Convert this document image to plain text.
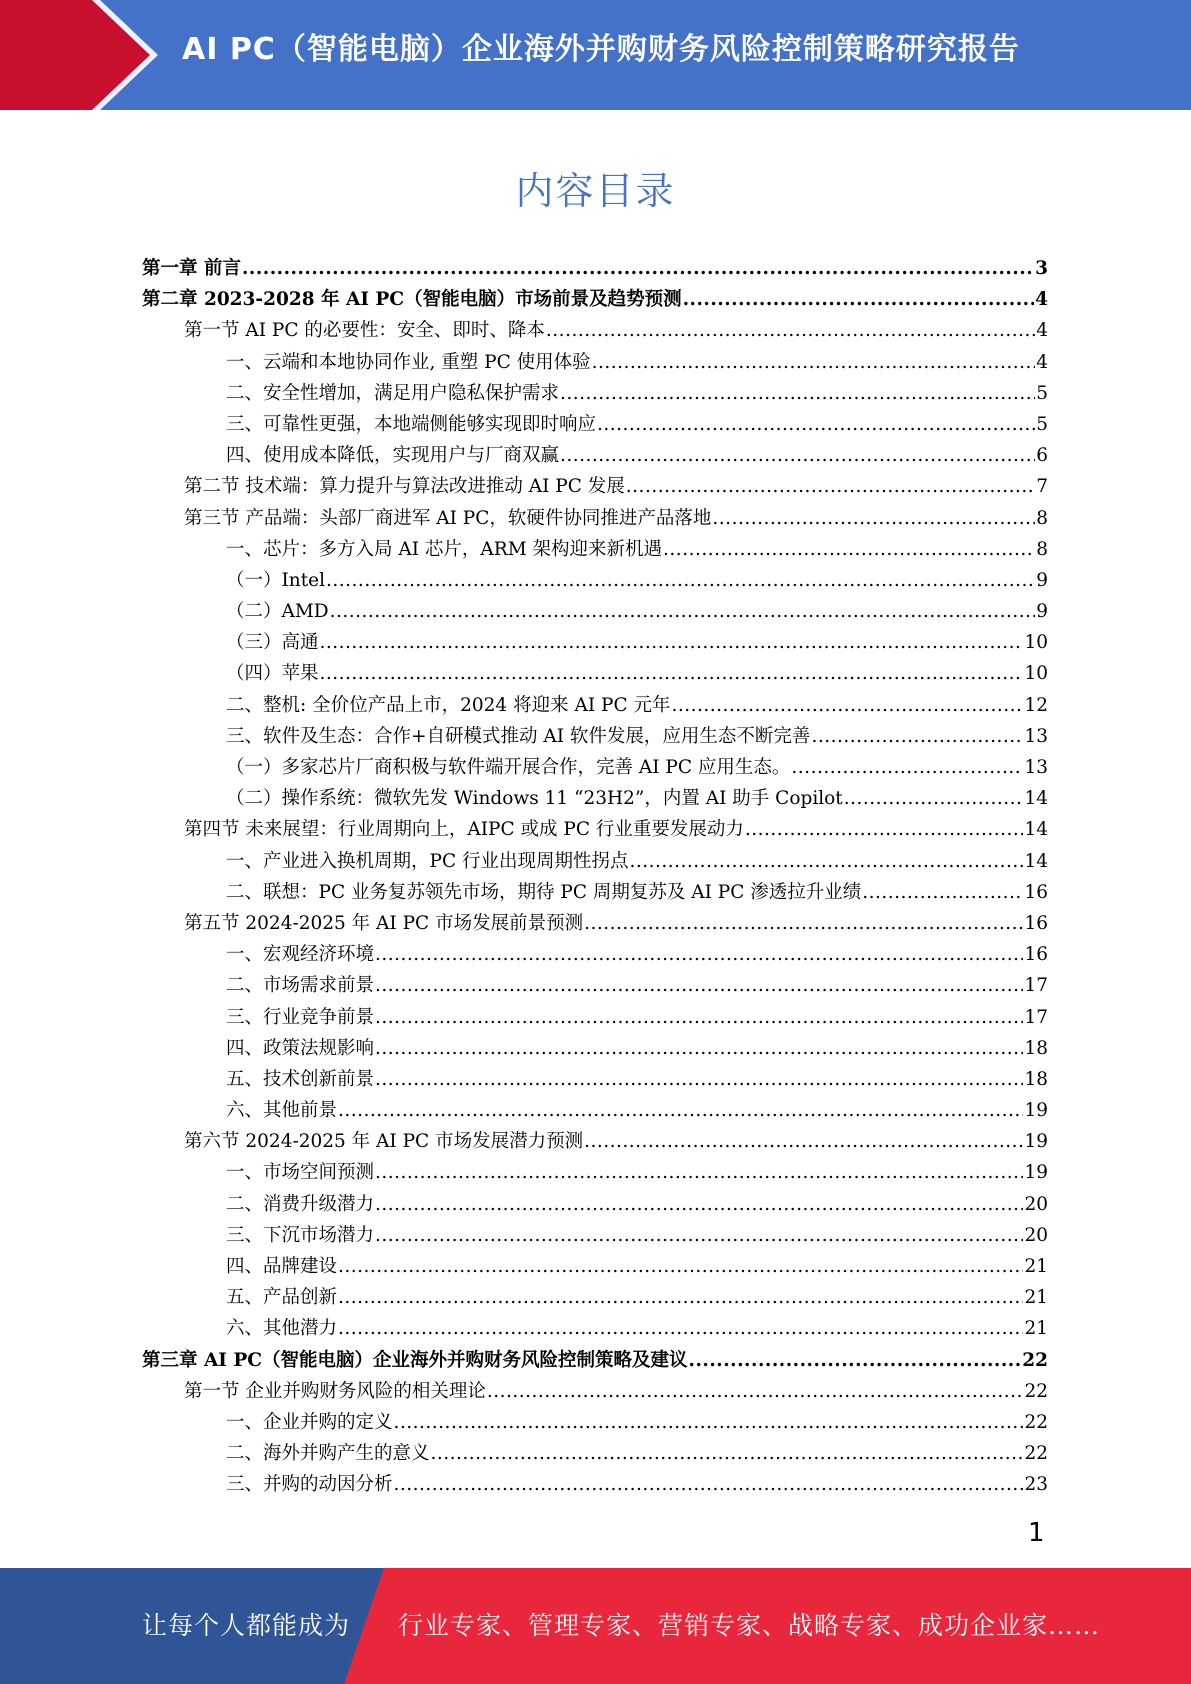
AI PC（智能电脑）企业海外并购财务风险控制策略研究报告
内容目录
第一章 前言 .....	3
第二章 2023-2028 年 AI PC（智能电脑）市场前景及趋势预测 .....	4
第一节 AI PC 的必要性：安全、即时、降本 .....	4
一、云端和本地协同作业, 重塑 PC 使用体验 .....	4
二、安全性增加，满足用户隐私保护需求 .....	5
三、可靠性更强，本地端侧能够实现即时响应 .....	5
四、使用成本降低，实现用户与厂商双赢 .....	6
第二节 技术端：算力提升与算法改进推动 AI PC 发展 .....	7
第三节 产品端：头部厂商进军 AI PC，软硬件协同推进产品落地 .....	8
一、芯片：多方入局 AI 芯片，ARM 架构迎来新机遇 .....	8
（一）Intel .....	9
（二）AMD .....	9
（三）高通 .....	10
（四）苹果 .....	10
二、整机: 全价位产品上市，2024 将迎来 AI PC 元年 .....	12
三、软件及生态：合作+自研模式推动 AI 软件发展，应用生态不断完善 .....	13
（一）多家芯片厂商积极与软件端开展合作，完善 AI PC 应用生态。 .....	13
（二）操作系统：微软先发 Windows 11 “23H2”，内置 AI 助手 Copilot .....	14
第四节 未来展望：行业周期向上，AIPC 或成 PC 行业重要发展动力 .....	14
一、产业进入换机周期，PC 行业出现周期性拐点 .....	14
二、联想：PC 业务复苏领先市场，期待 PC 周期复苏及 AI PC 渗透拉升业绩 .....	16
第五节 2024-2025 年 AI PC 市场发展前景预测 .....	16
一、宏观经济环境 .....	16
二、市场需求前景 .....	17
三、行业竞争前景 .....	17
四、政策法规影响 .....	18
五、技术创新前景 .....	18
六、其他前景 .....	19
第六节 2024-2025 年 AI PC 市场发展潜力预测 .....	19
一、市场空间预测 .....	19
二、消费升级潜力 .....	20
三、下沉市场潜力 .....	20
四、品牌建设 .....	21
五、产品创新 .....	21
六、其他潜力 .....	21
第三章 AI PC（智能电脑）企业海外并购财务风险控制策略及建议 .....	22
第一节 企业并购财务风险的相关理论 .....	22
一、企业并购的定义 .....	22
二、海外并购产生的意义 .....	22
三、并购的动因分析 .....	23
1
让每个人都能成为 行业专家、管理专家、营销专家、战略专家、成功企业家……
